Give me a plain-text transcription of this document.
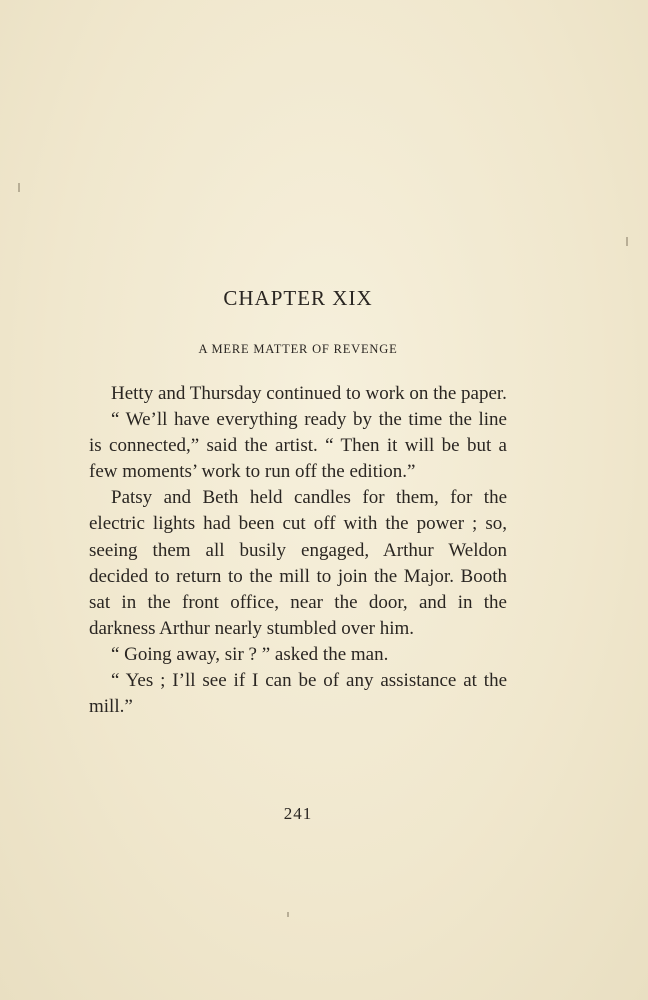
CHAPTER XIX
A MERE MATTER OF REVENGE

Hetty and Thursday continued to work on the paper.

“ We’ll have everything ready by the time the line is connected,” said the artist. “ Then it will be but a few moments’ work to run off the edition.”

Patsy and Beth held candles for them, for the electric lights had been cut off with the power ; so, seeing them all busily engaged, Arthur Weldon decided to return to the mill to join the Major. Booth sat in the front office, near the door, and in the darkness Arthur nearly stumbled over him.

“ Going away, sir ? ” asked the man.

“ Yes ; I’ll see if I can be of any assistance at the mill.”

241
